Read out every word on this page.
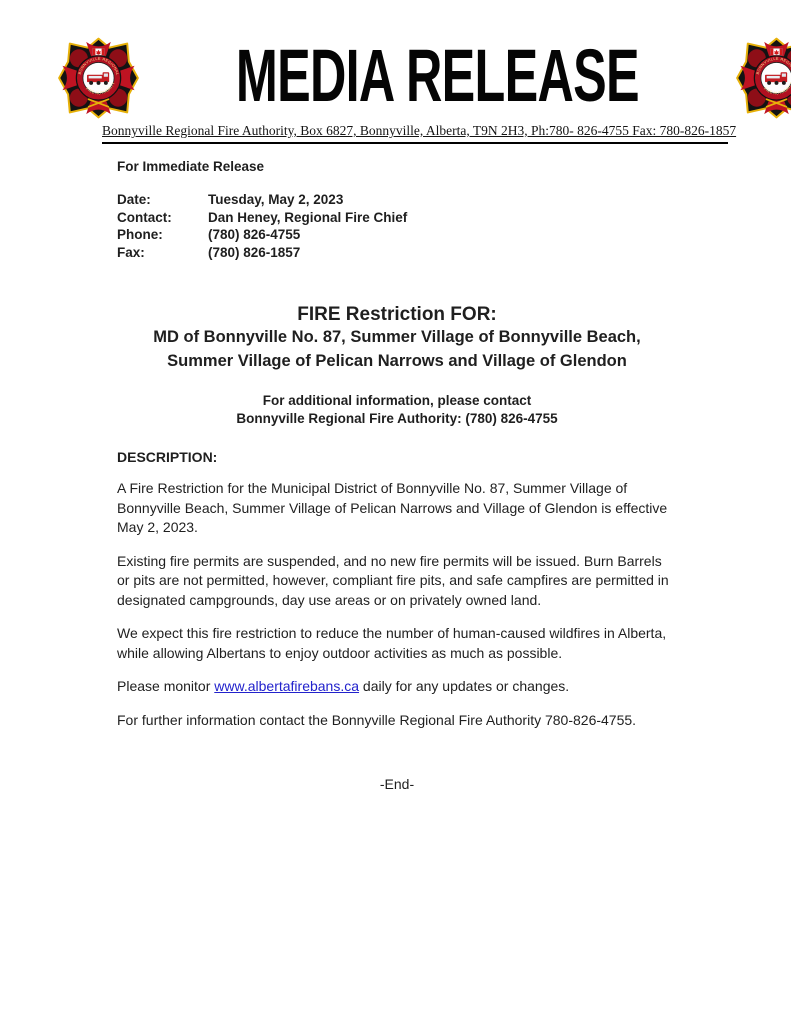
MEDIA RELEASE
Bonnyville Regional Fire Authority, Box 6827, Bonnyville, Alberta, T9N 2H3, Ph:780- 826-4755 Fax: 780-826-1857
For Immediate Release
Date:	Tuesday, May 2, 2023
Contact:	Dan Heney, Regional Fire Chief
Phone:	(780) 826-4755
Fax:	(780) 826-1857
FIRE Restriction FOR:
MD of Bonnyville No. 87, Summer Village of Bonnyville Beach,
Summer Village of Pelican Narrows and Village of Glendon
For additional information, please contact
Bonnyville Regional Fire Authority: (780) 826-4755
DESCRIPTION:

A Fire Restriction for the Municipal District of Bonnyville No. 87, Summer Village of Bonnyville Beach, Summer Village of Pelican Narrows and Village of Glendon is effective May 2, 2023.

Existing fire permits are suspended, and no new fire permits will be issued. Burn Barrels or pits are not permitted, however, compliant fire pits, and safe campfires are permitted in designated campgrounds, day use areas or on privately owned land.

We expect this fire restriction to reduce the number of human-caused wildfires in Alberta, while allowing Albertans to enjoy outdoor activities as much as possible.

Please monitor www.albertafirebans.ca daily for any updates or changes.

For further information contact the Bonnyville Regional Fire Authority 780-826-4755.

-End-
